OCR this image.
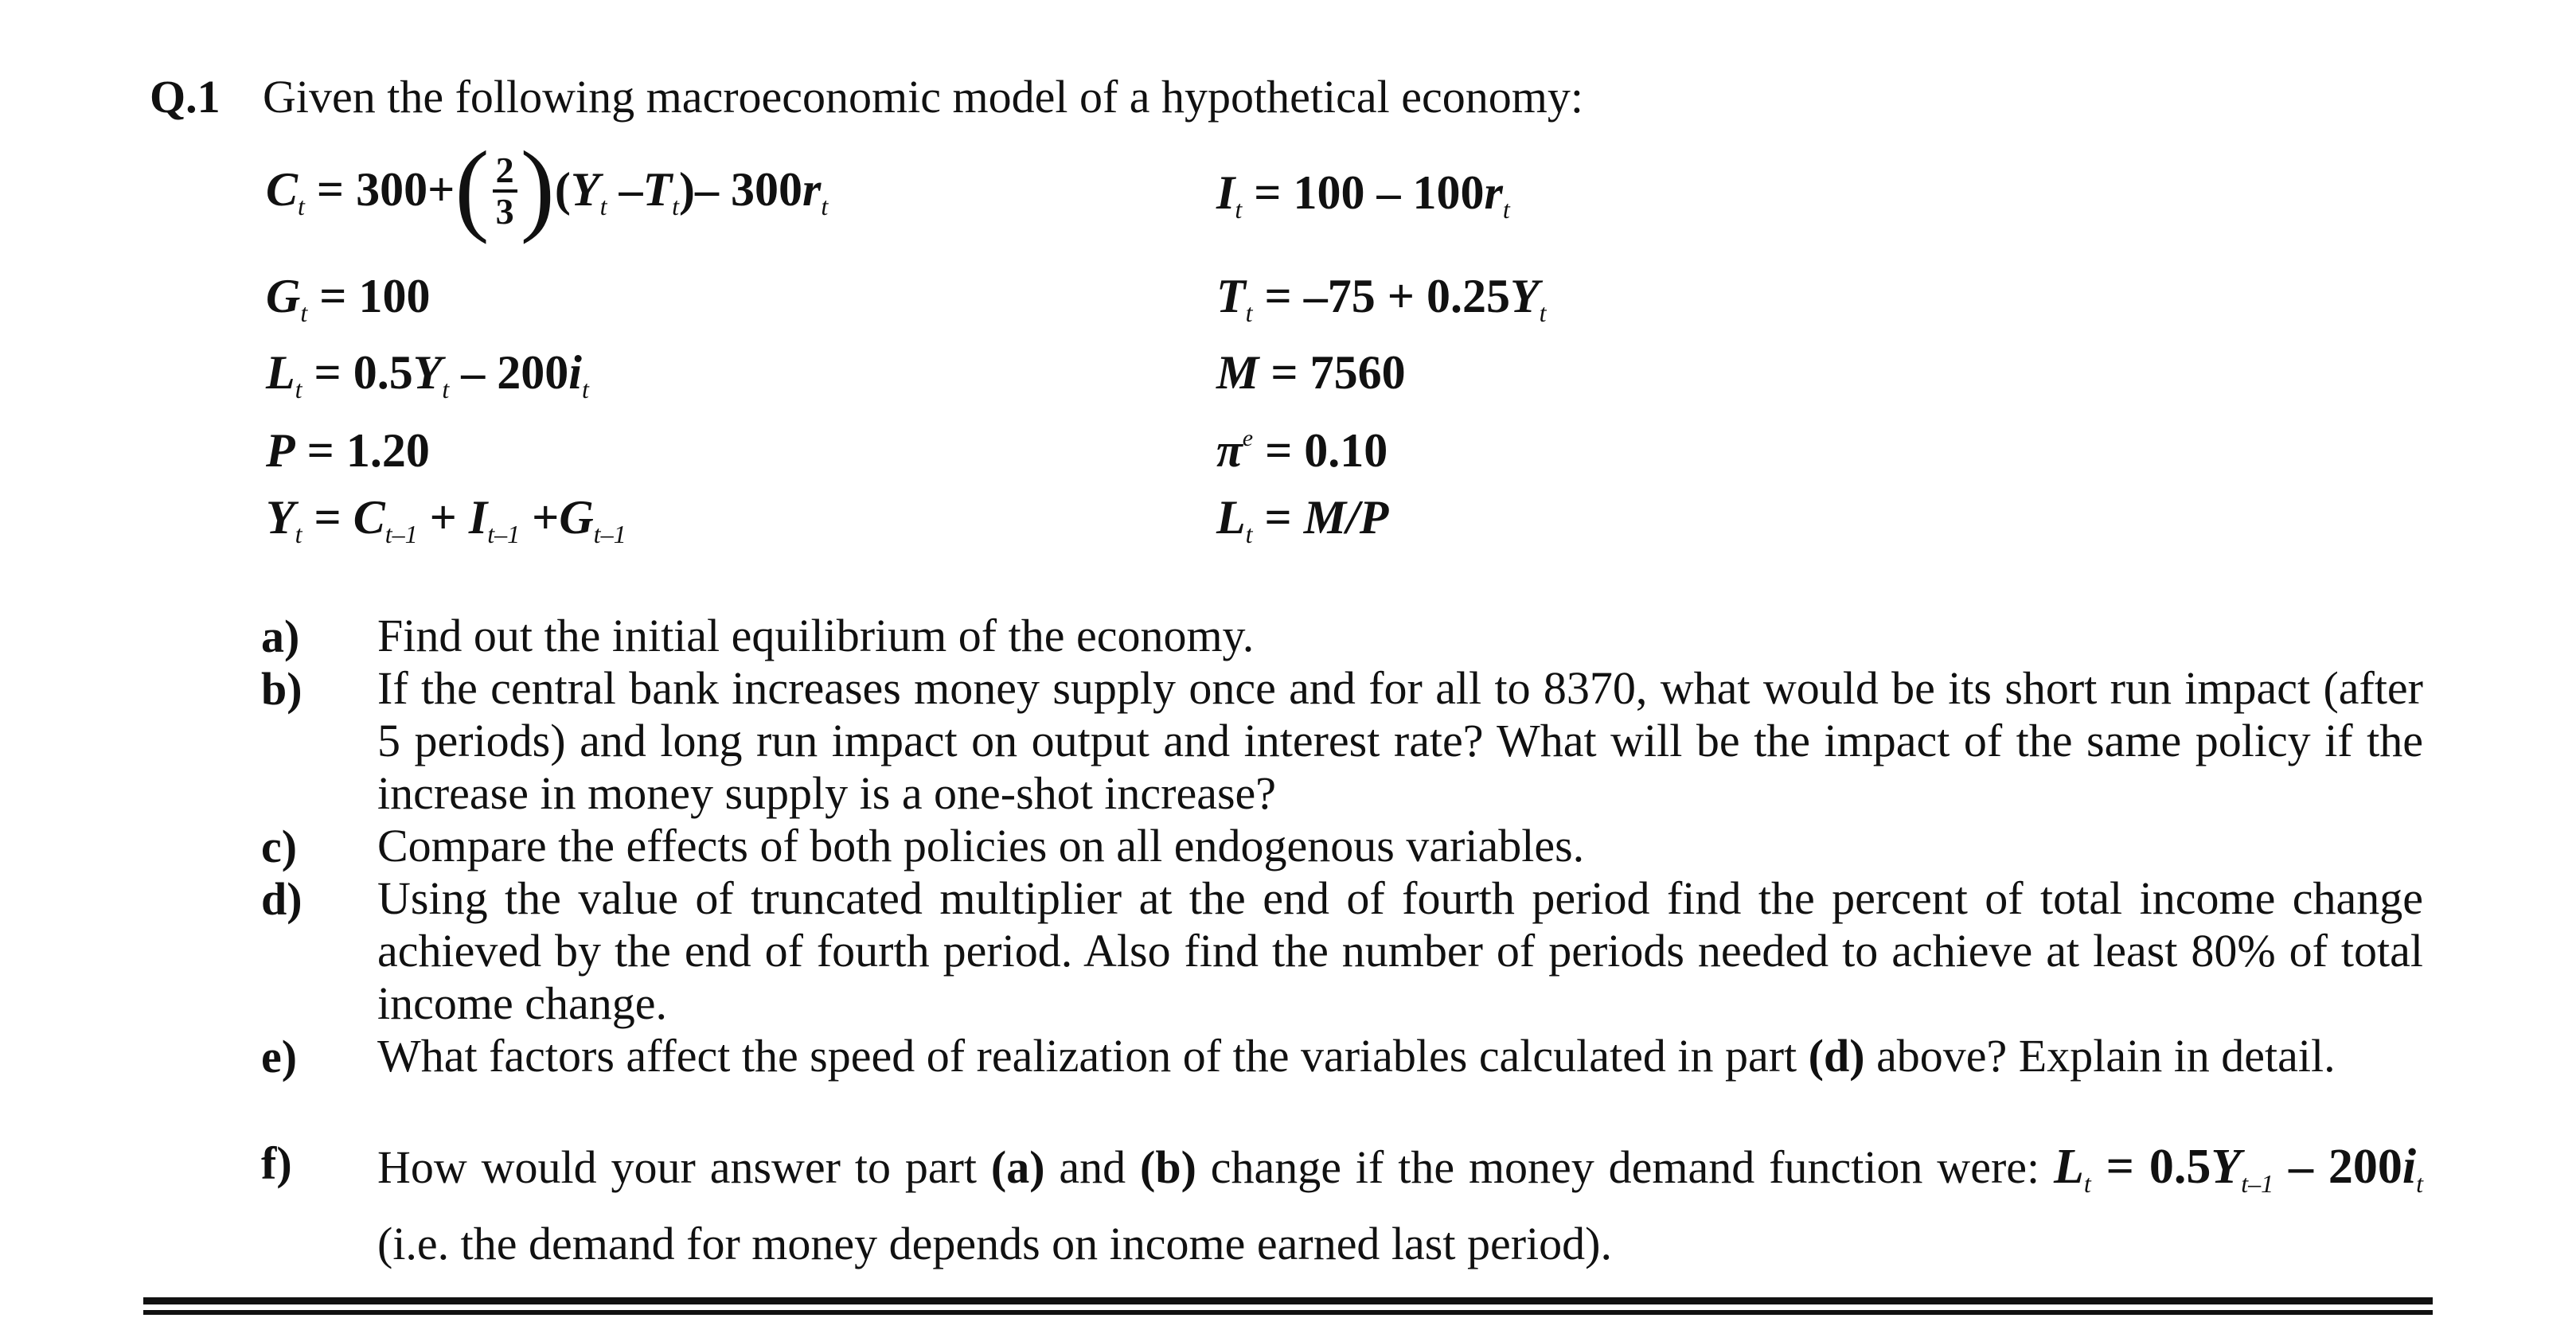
Q.1 Given the following macroeconomic model of a hypothetical economy:
$C_t = 300+( \frac{2}{3} )(Y_t$ $-T_t)-$ $300r_t$	$I_t = 100 - 100r_t$
$G_t = 100$	$T_t = -75 + 0.25Y_t$
$L_t = 0.5Y_t - 200i_t$	M = 7560
P = 1.20	$\pi^e = 0.10$
$Y_t = C_{t-1} + I_{t-1} +G_{t-1}$	$L_t = M/P$
a) Find out the initial equilibrium of the economy.
b) If the central bank increases money supply once and for all to 8370, what would be its short run impact (after 5 periods) and long run impact on output and interest rate? What will be the impact of the same policy if the increase in money supply is a one-shot increase?
c) Compare the effects of both policies on all endogenous variables.
d) Using the value of truncated multiplier at the end of fourth period find the percent of total income change achieved by the end of fourth period. Also find the number of periods needed to achieve at least 80% of total income change.
e) What factors affect the speed of realization of the variables calculated in part (d) above? Explain in detail.
f) How would your answer to part (a) and (b) change if the money demand function were: $L_t = 0.5Y_{t-1} - 200i_t$ (i.e. the demand for money depends on income earned last period).
